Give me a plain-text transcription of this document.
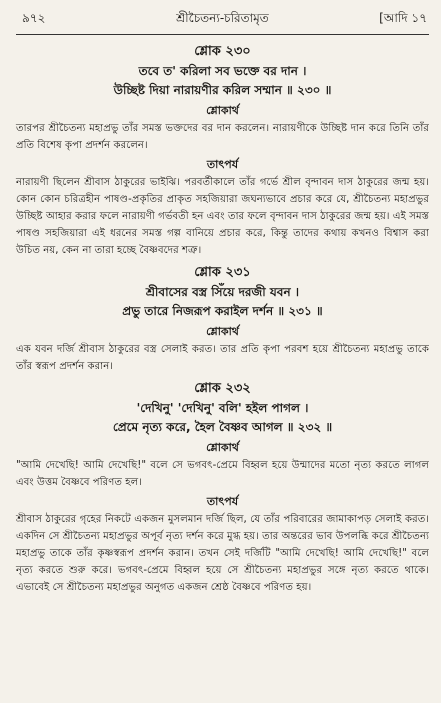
৯৭২	শ্রীচৈতন্য-চরিতামৃত	[আদি ১৭
শ্লোক ২৩০
তবে ত' করিলা সব ভক্তে বর দান ।
উচ্ছিষ্ট দিয়া নারায়ণীর করিল সম্মান ॥ ২৩০ ॥
শ্লোকার্থ
তারপর শ্রীচৈতন্য মহাপ্রভু তাঁর সমস্ত ভক্তদের বর দান করলেন। নারায়ণীকে উচ্ছিষ্ট দান করে তিনি তাঁর প্রতি বিশেষ কৃপা প্রদর্শন করলেন।
তাৎপর্য
নারায়ণী ছিলেন শ্রীবাস ঠাকুরের ভাইঝি। পরবর্তীকালে তাঁর গর্ভে শ্রীল বৃন্দাবন দাস ঠাকুরের জন্ম হয়। কোন কোন চরিত্রহীন পাষণ্ড-প্রকৃতির প্রাকৃত সহজিয়ারা জঘন্যভাবে প্রচার করে যে, শ্রীচৈতন্য মহাপ্রভুর উচ্ছিষ্ট আহার করার ফলে নারায়ণী গর্ভবতী হন এবং তার ফলে বৃন্দাবন দাস ঠাকুরের জন্ম হয়। এই সমস্ত পাষণ্ড সহজিয়ারা এই ধরনের সমস্ত গল্প বানিয়ে প্রচার করে, কিন্তু তাদের কথায় কখনও বিশ্বাস করা উচিত নয়, কেন না তারা হচ্ছে বৈষ্ণবদের শত্রু।
শ্লোক ২৩১
শ্রীবাসের বস্ত্র সিঁয়ে দরজী যবন ।
প্রভু তারে নিজরূপ করাইল দর্শন ॥ ২৩১ ॥
শ্লোকার্থ
এক যবন দর্জি শ্রীবাস ঠাকুরের বস্ত্র সেলাই করত। তার প্রতি কৃপা পরবশ হয়ে শ্রীচৈতন্য মহাপ্রভু তাকে তাঁর স্বরূপ প্রদর্শন করান।
শ্লোক ২৩২
'দেখিনু' 'দেখিনু' বলি' হইল পাগল ।
প্রেমে নৃত্য করে, হৈল বৈষ্ণব আগল ॥ ২৩২ ॥
শ্লোকার্থ
"আমি দেখেছি! আমি দেখেছি!" বলে সে ভগবৎ-প্রেমে বিহ্বল হয়ে উন্মাদের মতো নৃত্য করতে লাগল এবং উত্তম বৈষ্ণবে পরিণত হল।
তাৎপর্য
শ্রীবাস ঠাকুরের গৃহের নিকটে একজন মুসলমান দর্জি ছিল, যে তাঁর পরিবারের জামাকাপড় সেলাই করত। একদিন সে শ্রীচৈতন্য মহাপ্রভুর অপূর্ব নৃত্য দর্শন করে মুগ্ধ হয়। তার অন্তরের ভাব উপলব্ধি করে শ্রীচৈতন্য মহাপ্রভু তাকে তাঁর কৃষ্ণস্বরূপ প্রদর্শন করান। তখন সেই দর্জিটি "আমি দেখেছি! আমি দেখেছি!" বলে নৃত্য করতে শুরু করে। ভগবৎ-প্রেমে বিহ্বল হয়ে সে শ্রীচৈতন্য মহাপ্রভুর সঙ্গে নৃত্য করতে থাকে। এভাবেই সে শ্রীচৈতন্য মহাপ্রভুর অনুগত একজন শ্রেষ্ঠ বৈষ্ণবে পরিণত হয়।
